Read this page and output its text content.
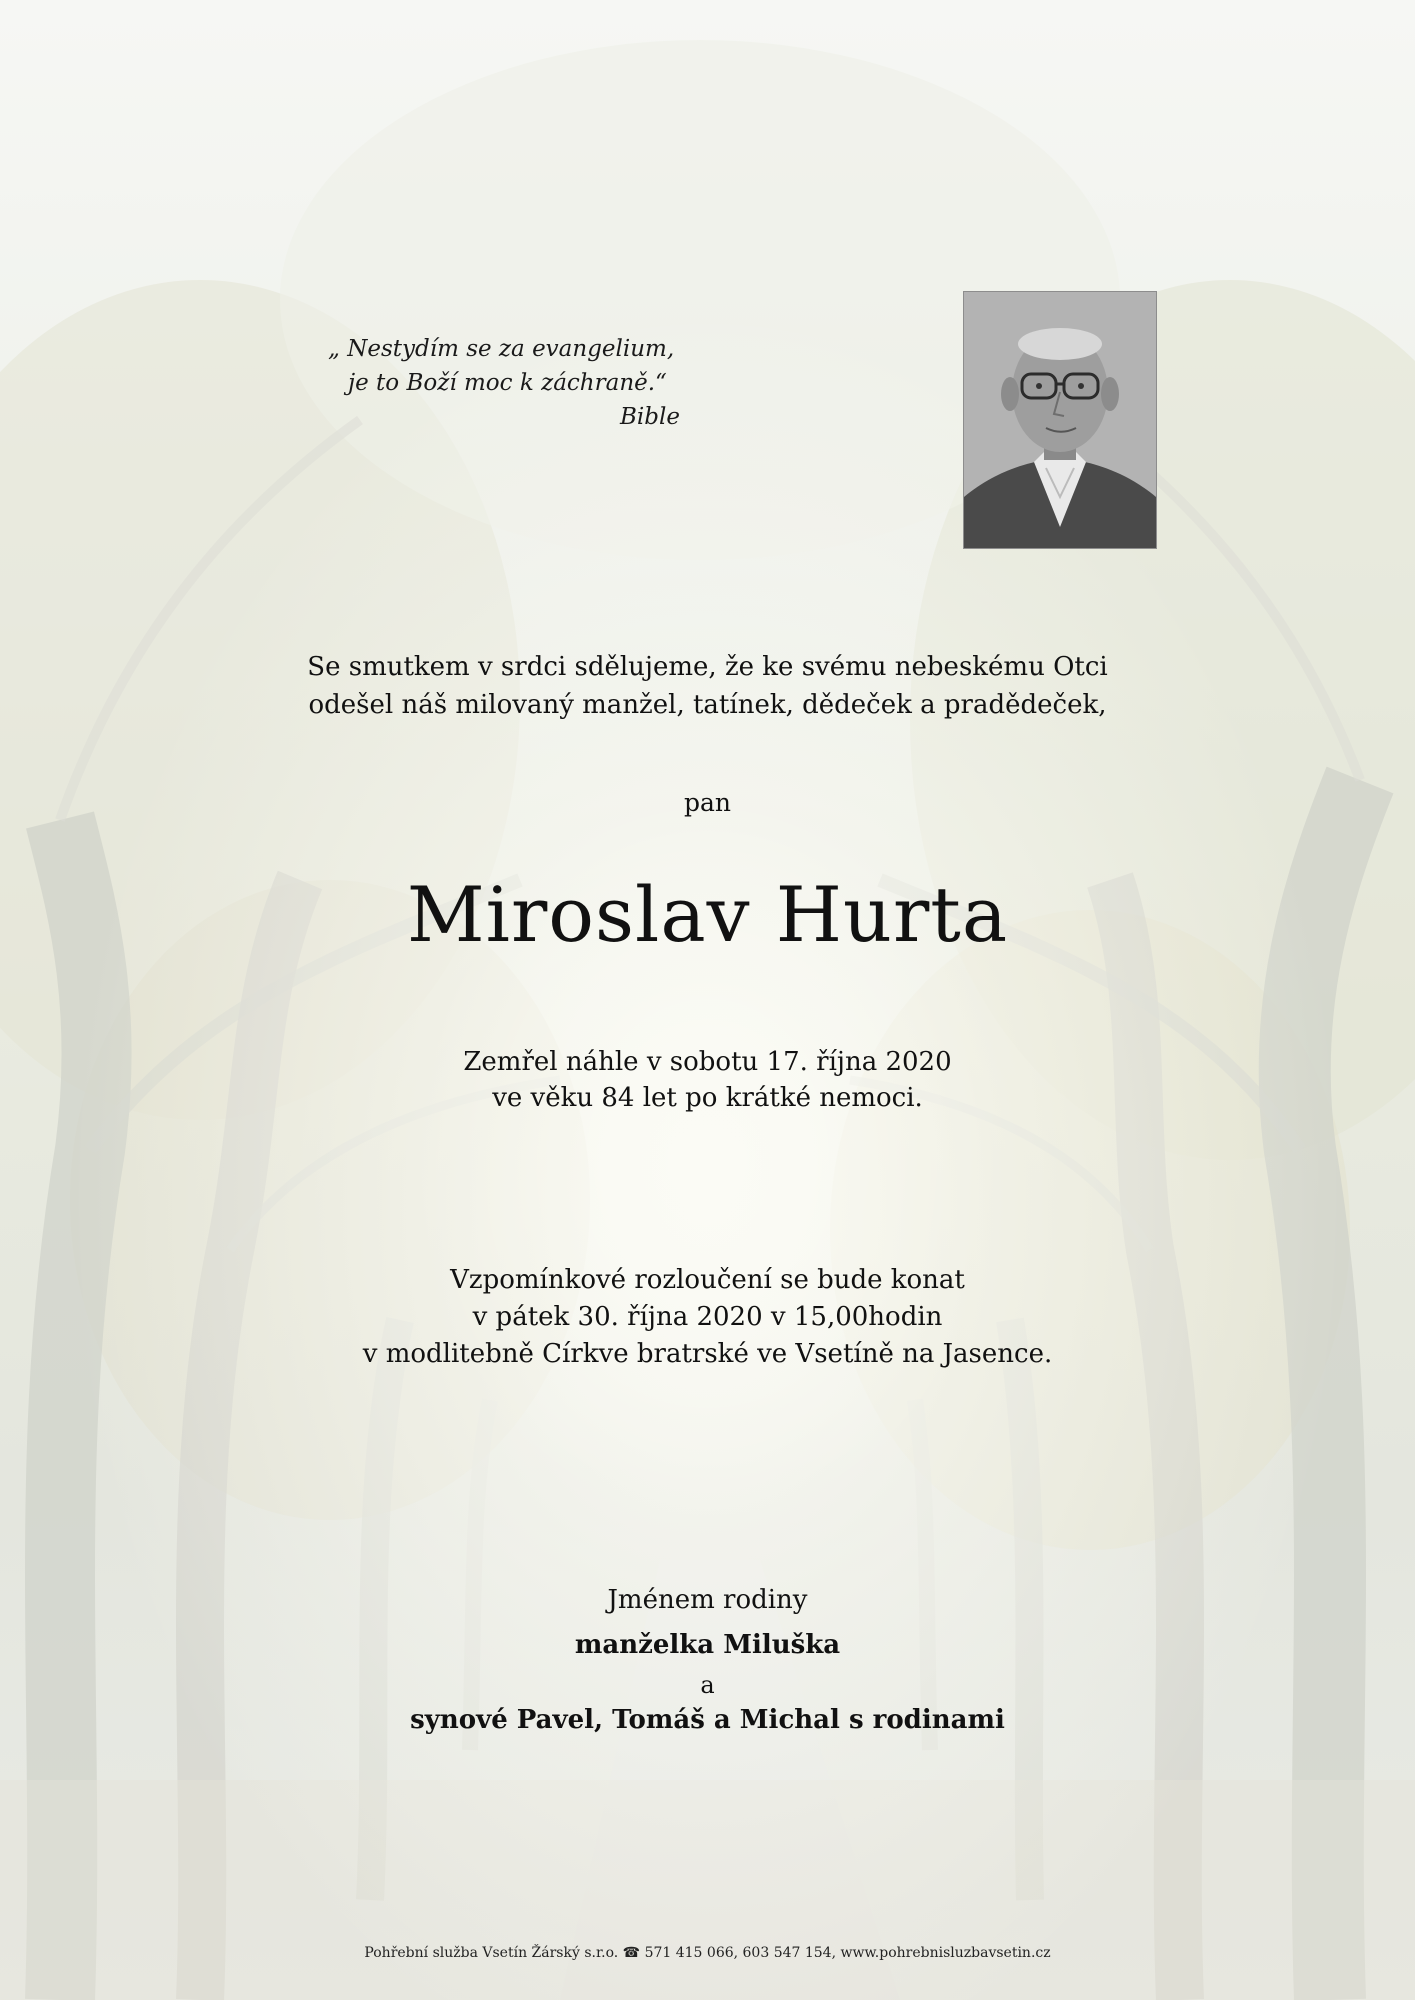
„ Nestydím se za evangelium,
je to Boží moc k záchraně.“
Bible
Se smutkem v srdci sdělujeme, že ke svému nebeskému Otci
odešel náš milovaný manžel, tatínek, dědeček a pradědeček,
pan
Miroslav Hurta
Zemřel náhle v sobotu 17. října 2020
ve věku 84 let po krátké nemoci.
Vzpomínkové rozloučení se bude konat
v pátek 30. října 2020 v 15,00hodin
v modlitebně Církve bratrské ve Vsetíně na Jasence.
Jménem rodiny
manželka Miluška
a
synové Pavel, Tomáš a Michal s rodinami
Pohřební služba Vsetín Žárský s.r.o. ☎ 571 415 066, 603 547 154, www.pohrebnisluzbavsetin.cz
